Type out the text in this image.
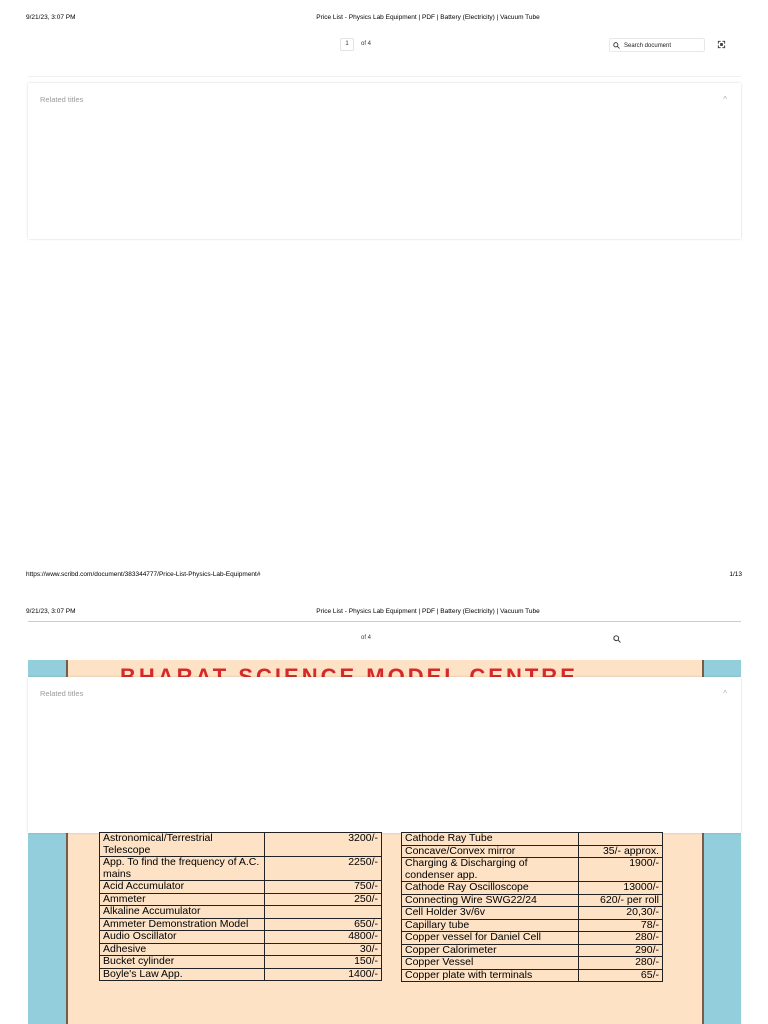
9/21/23, 3:07 PM	Price List - Physics Lab Equipment | PDF | Battery (Electricity) | Vacuum Tube
1	of 4	Search document
Related titles	^
https://www.scribd.com/document/383344777/Price-List-Physics-Lab-Equipment#	1/13
9/21/23, 3:07 PM	Price List - Physics Lab Equipment | PDF | Battery (Electricity) | Vacuum Tube
of 4
Related titles	^
Astronomical/Terrestrial Telescope	3200/-
App. To find the frequency of A.C. mains	2250/-
Acid Accumulator	750/-
Ammeter	250/-
Alkaline Accumulator	
Ammeter Demonstration Model	650/-
Audio Oscillator	4800/-
Adhesive	30/-
Bucket cylinder	150/-
Boyle's Law App.	1400/-
Cathode Ray Tube	
Concave/Convex mirror	35/- approx.
Charging & Discharging of condenser app.	1900/-
Cathode Ray Oscilloscope	13000/-
Connecting Wire SWG22/24	620/- per roll
Cell Holder 3v/6v	20,30/-
Capillary tube	78/-
Copper vessel for Daniel Cell	280/-
Copper Calorimeter	290/-
Copper Vessel	280/-
Copper plate with terminals	65/-
